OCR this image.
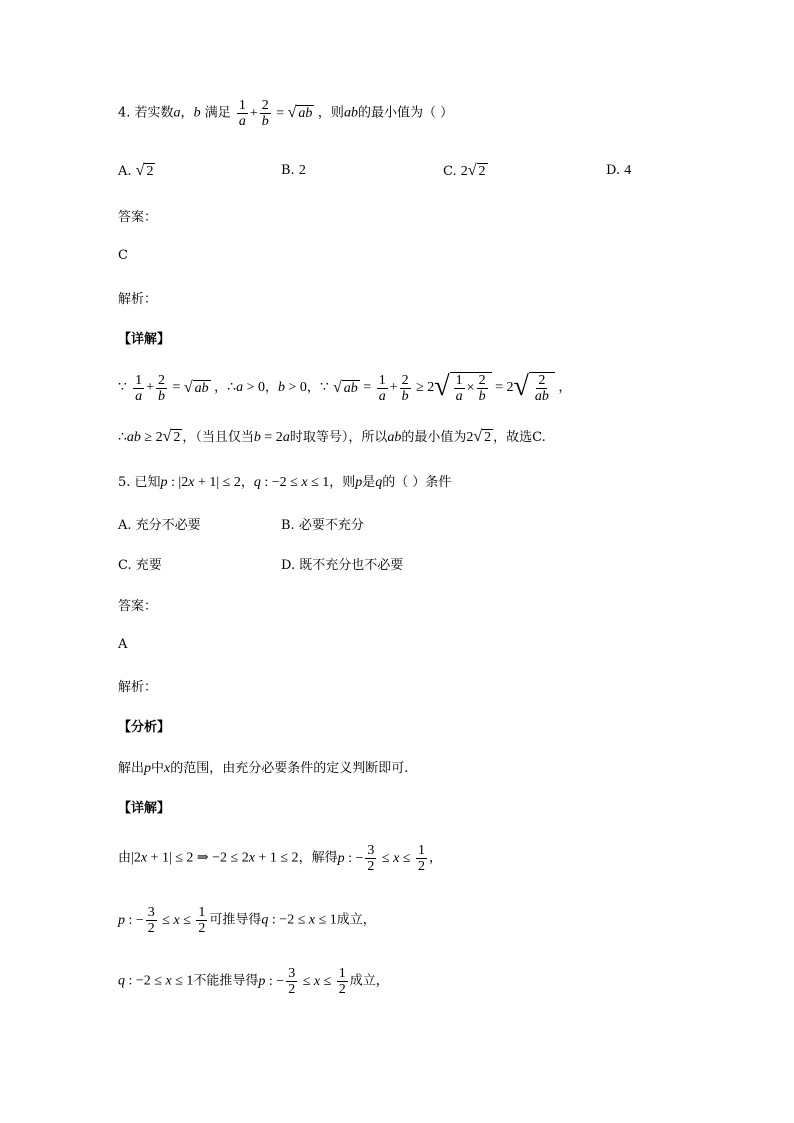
4. 若实数a，b 满足 $\frac{1}{a} + \frac{2}{b}$ = √ ab ，则ab的最小值为（ ）
A. √ 2	B. 2	C. 2 √ 2	D. 4
答案：
C
解析：
【详解】
∵ $\frac{1}{a} + \frac{2}{b}$ = √ ab ，∴a > 0，b > 0，∵ √ ab = $\frac{1}{a} + \frac{2}{b} \ge 2$ √ $\frac{1}{a} \times \frac{2}{b} = 2$ √ $\frac{2}{ab}$ ，
∴ab ≥ 2 √ 2 ，（当且仅当b = 2a时取等号），所以ab的最小值为2 √ 2 ，故选C.
5. 已知p : |2x + 1| ≤ 2，q : −2 ≤ x ≤ 1，则p是q的（ ）条件
A. 充分不必要	B. 必要不充分
C. 充要	D. 既不充分也不必要
答案：
A
解析：
【分析】
解出p中x的范围，由充分必要条件的定义判断即可.
【详解】
由|2x + 1| ≤ 2 ⇒ −2 ≤ 2x + 1 ≤ 2，解得p : − $\frac{3}{2} \le x \le \frac{1}{2}$ ，
p : − $\frac{3}{2} \le x \le \frac{1}{2}$ 可推导得q : −2 ≤ x ≤ 1成立，
q : −2 ≤ x ≤ 1不能推导得p : − $\frac{3}{2} \le x \le \frac{1}{2}$ 成立，
